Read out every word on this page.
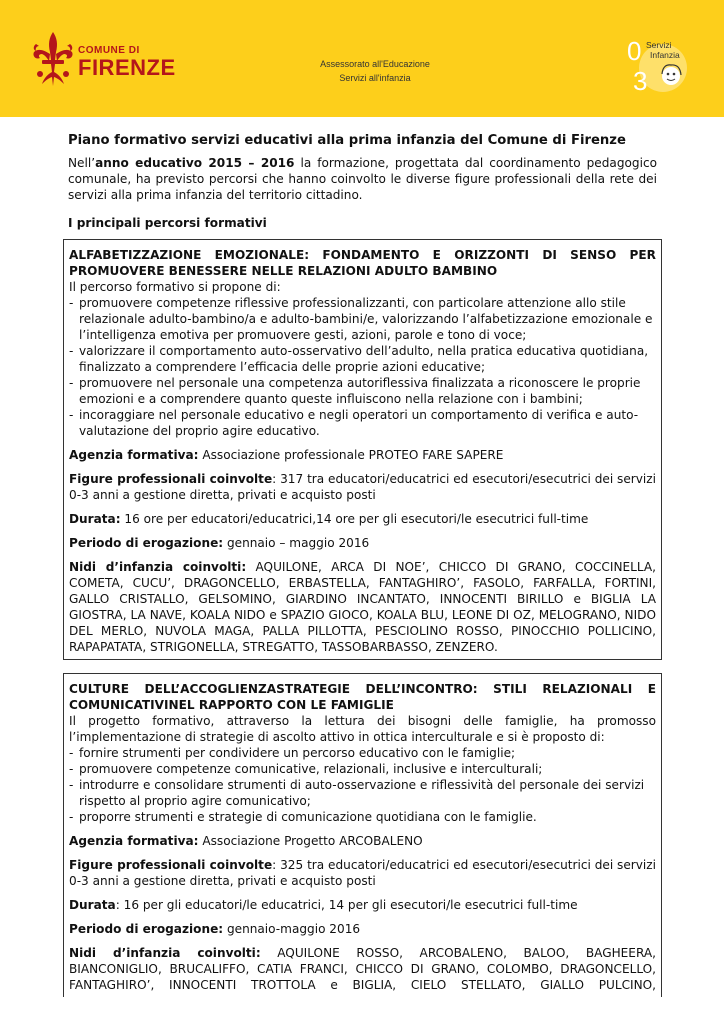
COMUNE DI
FIRENZE	Assessorato all'Educazione
Servizi all'infanzia
0
3
Servizi
Infanzia
Piano formativo servizi educativi alla prima infanzia del Comune di Firenze

Nell’anno educativo 2015 – 2016 la formazione, progettata dal coordinamento pedagogico comunale, ha previsto percorsi che hanno coinvolto le diverse figure professionali della rete dei servizi alla prima infanzia del territorio cittadino.

I principali percorsi formativi

ALFABETIZZAZIONE EMOZIONALE: FONDAMENTO E ORIZZONTI DI SENSO PER PROMUOVERE BENESSERE NELLE RELAZIONI ADULTO BAMBINO

Il percorso formativo si propone di:

- promuovere competenze riflessive professionalizzanti, con particolare attenzione allo stile relazionale adulto-bambino/a e adulto-bambini/e, valorizzando l’alfabetizzazione emozionale e l’intelligenza emotiva per promuovere gesti, azioni, parole e tono di voce;
- valorizzare il comportamento auto-osservativo dell’adulto, nella pratica educativa quotidiana, finalizzato a comprendere l’efficacia delle proprie azioni educative;
- promuovere nel personale una competenza autoriflessiva finalizzata a riconoscere le proprie emozioni e a comprendere quanto queste influiscono nella relazione con i bambini;
- incoraggiare nel personale educativo e negli operatori un comportamento di verifica e auto-valutazione del proprio agire educativo.

Agenzia formativa: Associazione professionale PROTEO FARE SAPERE

Figure professionali coinvolte: 317 tra educatori/educatrici ed esecutori/esecutrici dei servizi 0-3 anni a gestione diretta, privati e acquisto posti

Durata: 16 ore per educatori/educatrici,14 ore per gli esecutori/le esecutrici full-time

Periodo di erogazione: gennaio – maggio 2016

Nidi d’infanzia coinvolti: AQUILONE, ARCA DI NOE’, CHICCO DI GRANO, COCCINELLA, COMETA, CUCU’, DRAGONCELLO, ERBASTELLA, FANTAGHIRO’, FASOLO, FARFALLA, FORTINI, GALLO CRISTALLO, GELSOMINO, GIARDINO INCANTATO, INNOCENTI BIRILLO e BIGLIA LA GIOSTRA, LA NAVE, KOALA NIDO e SPAZIO GIOCO, KOALA BLU, LEONE DI OZ, MELOGRANO, NIDO DEL MERLO, NUVOLA MAGA, PALLA PILLOTTA, PESCIOLINO ROSSO, PINOCCHIO POLLICINO, RAPAPATATA, STRIGONELLA, STREGATTO, TASSOBARBASSO, ZENZERO.

CULTURE DELL’ACCOGLIENZASTRATEGIE DELL’INCONTRO: STILI RELAZIONALI E COMUNICATIVINEL RAPPORTO CON LE FAMIGLIE

Il progetto formativo, attraverso la lettura dei bisogni delle famiglie, ha promosso l’implementazione di strategie di ascolto attivo in ottica interculturale e si è proposto di:

- fornire strumenti per condividere un percorso educativo con le famiglie;
- promuovere competenze comunicative, relazionali, inclusive e interculturali;
- introdurre e consolidare strumenti di auto-osservazione e riflessività del personale dei servizi rispetto al proprio agire comunicativo;
- proporre strumenti e strategie di comunicazione quotidiana con le famiglie.

Agenzia formativa: Associazione Progetto ARCOBALENO

Figure professionali coinvolte: 325 tra educatori/educatrici ed esecutori/esecutrici dei servizi 0-3 anni a gestione diretta, privati e acquisto posti

Durata: 16 per gli educatori/le educatrici, 14 per gli esecutori/le esecutrici full-time

Periodo di erogazione: gennaio-maggio 2016

Nidi d’infanzia coinvolti: AQUILONE ROSSO, ARCOBALENO, BALOO, BAGHEERA, BIANCONIGLIO, BRUCALIFFO, CATIA FRANCI, CHICCO DI GRANO, COLOMBO, DRAGONCELLO, FANTAGHIRO’, INNOCENTI TROTTOLA e BIGLIA, CIELO STELLATO, GIALLO PULCINO,
